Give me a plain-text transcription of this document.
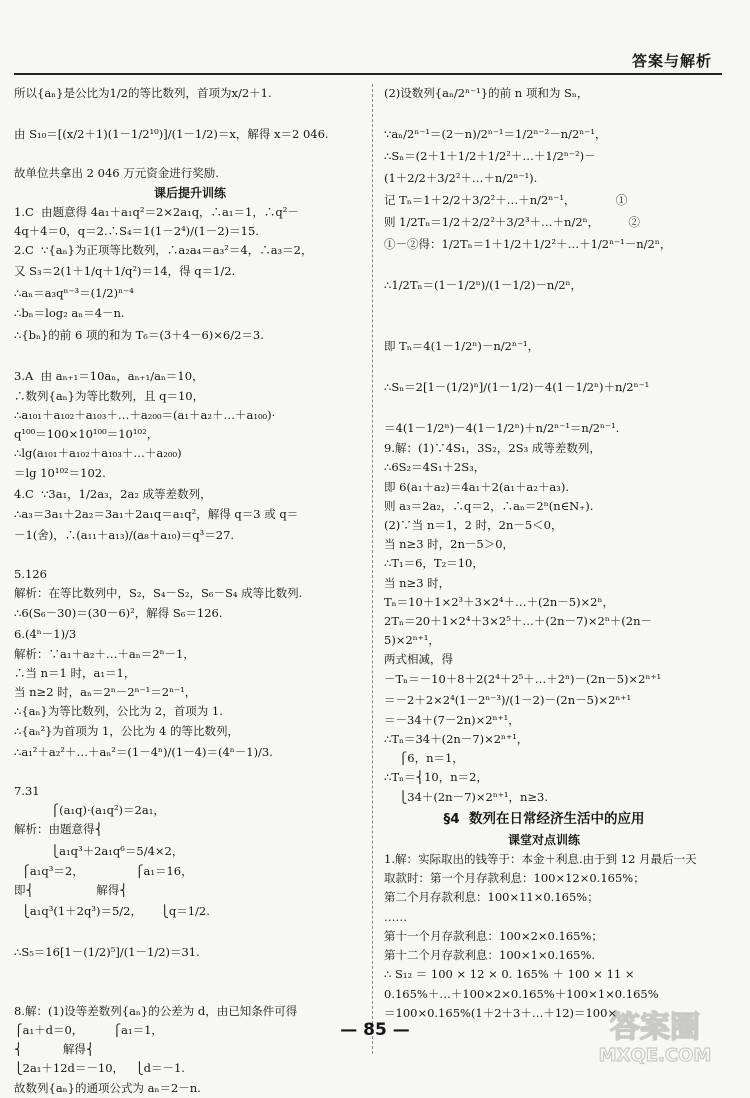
答案与解析
所以{aₙ}是公比为1/2的等比数列，首项为x/2＋1.

由 S₁₀＝[(x/2＋1)(1－1/2¹⁰)]/(1－1/2)＝x，解得 x＝2 046.

故单位共拿出 2 046 万元资金进行奖励.
课后提升训练
1.C  由题意得 4a₁＋a₁q²＝2×2a₁q，∴a₁＝1，∴q²－
4q＋4＝0，q＝2.∴S₄＝1(1－2⁴)/(1－2)＝15.
2.C  ∵{aₙ}为正项等比数列，∴a₂a₄＝a₃²＝4，∴a₃＝2，
又 S₃＝2(1＋1/q＋1/q²)＝14，得 q＝1/2.
∴aₙ＝a₃qⁿ⁻³＝(1/2)ⁿ⁻⁴
∴bₙ＝log₂ aₙ＝4－n.
∴{bₙ}的前 6 项的和为 T₆＝(3＋4－6)×6/2＝3.

3.A  由 aₙ₊₁＝10aₙ，aₙ₊₁/aₙ＝10，
∴数列{aₙ}为等比数列，且 q＝10，
∴a₁₀₁＋a₁₀₂＋a₁₀₃＋…＋a₂₀₀＝(a₁＋a₂＋…＋a₁₀₀)·
q¹⁰⁰＝100×10¹⁰⁰＝10¹⁰²，
∴lg(a₁₀₁＋a₁₀₂＋a₁₀₃＋…＋a₂₀₀)
＝lg 10¹⁰²＝102.
4.C  ∵3a₁，1/2a₃，2a₂ 成等差数列，
∴a₃＝3a₁＋2a₂＝3a₁＋2a₁q＝a₁q²，解得 q＝3 或 q＝
－1(舍)，∴(a₁₁＋a₁₃)/(a₈＋a₁₀)＝q³＝27.

5.126
解析：在等比数列中，S₂，S₄－S₂，S₆－S₄ 成等比数列.
∴6(S₆－30)＝(30－6)²，解得 S₆＝126.
6.(4ⁿ－1)/3
解析：∵a₁＋a₂＋…＋aₙ＝2ⁿ－1，
∴当 n＝1 时，a₁＝1，
当 n≥2 时，aₙ＝2ⁿ－2ⁿ⁻¹＝2ⁿ⁻¹，
∴{aₙ}为等比数列，公比为 2，首项为 1.
∴{aₙ²}为首项为 1，公比为 4 的等比数列，
∴a₁²＋a₂²＋…＋aₙ²＝(1－4ⁿ)/(1－4)＝(4ⁿ－1)/3.

7.31
⎧(a₁q)·(a₁q²)＝2a₁，
解析：由题意得⎨
⎩a₁q³＋2a₁q⁶＝5/4×2，
⎧a₁q³＝2，              ⎧a₁＝16，
即⎨                 解得⎨
⎩a₁q³(1＋2q³)＝5/2，     ⎩q＝1/2.

∴S₅＝16[1－(1/2)⁵]/(1－1/2)＝31.

8.解：(1)设等差数列{aₙ}的公差为 d，由已知条件可得
⎧a₁＋d＝0，        ⎧a₁＝1，
⎨           解得⎨
⎩2a₁＋12d＝－10，   ⎩d＝－1.
故数列{aₙ}的通项公式为 aₙ＝2－n.
(2)设数列{aₙ/2ⁿ⁻¹}的前 n 项和为 Sₙ，

∵aₙ/2ⁿ⁻¹＝(2－n)/2ⁿ⁻¹＝1/2ⁿ⁻²－n/2ⁿ⁻¹，
∴Sₙ＝(2＋1＋1/2＋1/2²＋…＋1/2ⁿ⁻²)－
(1＋2/2＋3/2²＋…＋n/2ⁿ⁻¹).
记 Tₙ＝1＋2/2＋3/2²＋…＋n/2ⁿ⁻¹，           ①
则 1/2Tₙ＝1/2＋2/2²＋3/2³＋…＋n/2ⁿ，        ②
①－②得：1/2Tₙ＝1＋1/2＋1/2²＋…＋1/2ⁿ⁻¹－n/2ⁿ，

∴1/2Tₙ＝(1－1/2ⁿ)/(1－1/2)－n/2ⁿ，

即 Tₙ＝4(1－1/2ⁿ)－n/2ⁿ⁻¹，

∴Sₙ＝2[1－(1/2)ⁿ]/(1－1/2)－4(1－1/2ⁿ)＋n/2ⁿ⁻¹

＝4(1－1/2ⁿ)－4(1－1/2ⁿ)＋n/2ⁿ⁻¹＝n/2ⁿ⁻¹.
9.解：(1)∵4S₁，3S₂，2S₃ 成等差数列，
∴6S₂＝4S₁＋2S₃，
即 6(a₁＋a₂)＝4a₁＋2(a₁＋a₂＋a₃).
则 a₃＝2a₂，∴q＝2，∴aₙ＝2ⁿ(n∈N₊).
(2)∵当 n＝1，2 时，2n－5＜0，
当 n≥3 时，2n－5＞0，
∴T₁＝6，T₂＝10，
当 n≥3 时，
Tₙ＝10＋1×2³＋3×2⁴＋…＋(2n－5)×2ⁿ，
2Tₙ＝20＋1×2⁴＋3×2⁵＋…＋(2n－7)×2ⁿ＋(2n－
5)×2ⁿ⁺¹，
两式相减，得
－Tₙ＝－10＋8＋2(2⁴＋2⁵＋…＋2ⁿ)－(2n－5)×2ⁿ⁺¹
＝－2＋2×2⁴(1－2ⁿ⁻³)/(1－2)－(2n－5)×2ⁿ⁺¹
＝－34＋(7－2n)×2ⁿ⁺¹，
∴Tₙ＝34＋(2n－7)×2ⁿ⁺¹，
⎧6，n＝1，
∴Tₙ＝⎨10，n＝2，
⎩34＋(2n－7)×2ⁿ⁺¹，n≥3.
§4  数列在日常经济生活中的应用
课堂对点训练
1.解：实际取出的钱等于：本金＋利息.由于到 12 月最后一天
取款时：第一个月存款利息：100×12×0.165%；
第二个月存款利息：100×11×0.165%；
……
第十一个月存款利息：100×2×0.165%；
第十二个月存款利息：100×1×0.165%.
∴ S₁₂ ＝ 100 × 12 × 0. 165% ＋ 100 × 11 ×
0.165%＋…＋100×2×0.165%＋100×1×0.165%
＝100×0.165%(1＋2＋3＋…＋12)＝100×
— 85 —	答案圈
MXQE.COM
